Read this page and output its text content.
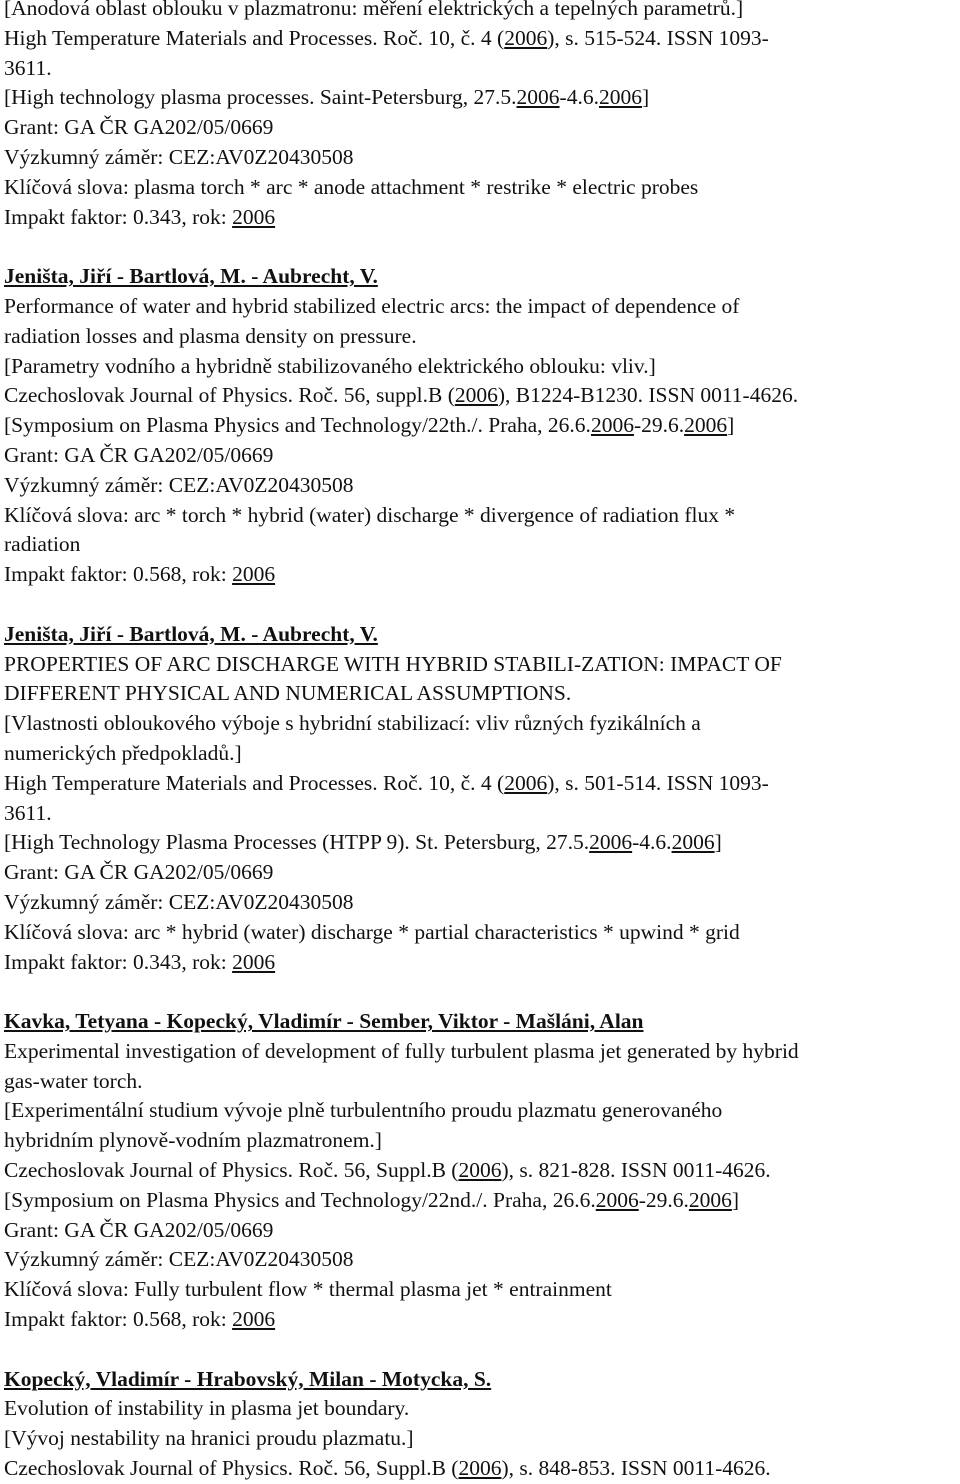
[Anodová oblast oblouku v plazmatronu: měření elektrických a tepelných parametrů.]
High Temperature Materials and Processes. Roč. 10, č. 4 (2006), s. 515-524. ISSN 1093-
3611.
[High technology plasma processes. Saint-Petersburg, 27.5.2006-4.6.2006]
Grant: GA ČR GA202/05/0669
Výzkumný záměr: CEZ:AV0Z20430508
Klíčová slova: plasma torch * arc * anode attachment * restrike * electric probes
Impakt faktor: 0.343, rok: 2006
Jeništa, Jiří - Bartlová, M. - Aubrecht, V.
Performance of water and hybrid stabilized electric arcs: the impact of dependence of
radiation losses and plasma density on pressure.
[Parametry vodního a hybridně stabilizovaného elektrického oblouku: vliv.]
Czechoslovak Journal of Physics. Roč. 56, suppl.B (2006), B1224-B1230. ISSN 0011-4626.
[Symposium on Plasma Physics and Technology/22th./. Praha, 26.6.2006-29.6.2006]
Grant: GA ČR GA202/05/0669
Výzkumný záměr: CEZ:AV0Z20430508
Klíčová slova: arc * torch * hybrid (water) discharge * divergence of radiation flux *
radiation
Impakt faktor: 0.568, rok: 2006
Jeništa, Jiří - Bartlová, M. - Aubrecht, V.
PROPERTIES OF ARC DISCHARGE WITH HYBRID STABILI-ZATION: IMPACT OF
DIFFERENT PHYSICAL AND NUMERICAL ASSUMPTIONS.
[Vlastnosti obloukového výboje s hybridní stabilizací: vliv různých fyzikálních a
numerických předpokladů.]
High Temperature Materials and Processes. Roč. 10, č. 4 (2006), s. 501-514. ISSN 1093-
3611.
[High Technology Plasma Processes (HTPP 9). St. Petersburg, 27.5.2006-4.6.2006]
Grant: GA ČR GA202/05/0669
Výzkumný záměr: CEZ:AV0Z20430508
Klíčová slova: arc * hybrid (water) discharge * partial characteristics * upwind * grid
Impakt faktor: 0.343, rok: 2006
Kavka, Tetyana - Kopecký, Vladimír - Sember, Viktor - Mašláni, Alan
Experimental investigation of development of fully turbulent plasma jet generated by hybrid
gas-water torch.
[Experimentální studium vývoje plně turbulentního proudu plazmatu generovaného
hybridním plynově-vodním plazmatronem.]
Czechoslovak Journal of Physics. Roč. 56, Suppl.B (2006), s. 821-828. ISSN 0011-4626.
[Symposium on Plasma Physics and Technology/22nd./. Praha, 26.6.2006-29.6.2006]
Grant: GA ČR GA202/05/0669
Výzkumný záměr: CEZ:AV0Z20430508
Klíčová slova: Fully turbulent flow * thermal plasma jet * entrainment
Impakt faktor: 0.568, rok: 2006
Kopecký, Vladimír - Hrabovský, Milan - Motycka, S.
Evolution of instability in plasma jet boundary.
[Vývoj nestability na hranici proudu plazmatu.]
Czechoslovak Journal of Physics. Roč. 56, Suppl.B (2006), s. 848-853. ISSN 0011-4626.
